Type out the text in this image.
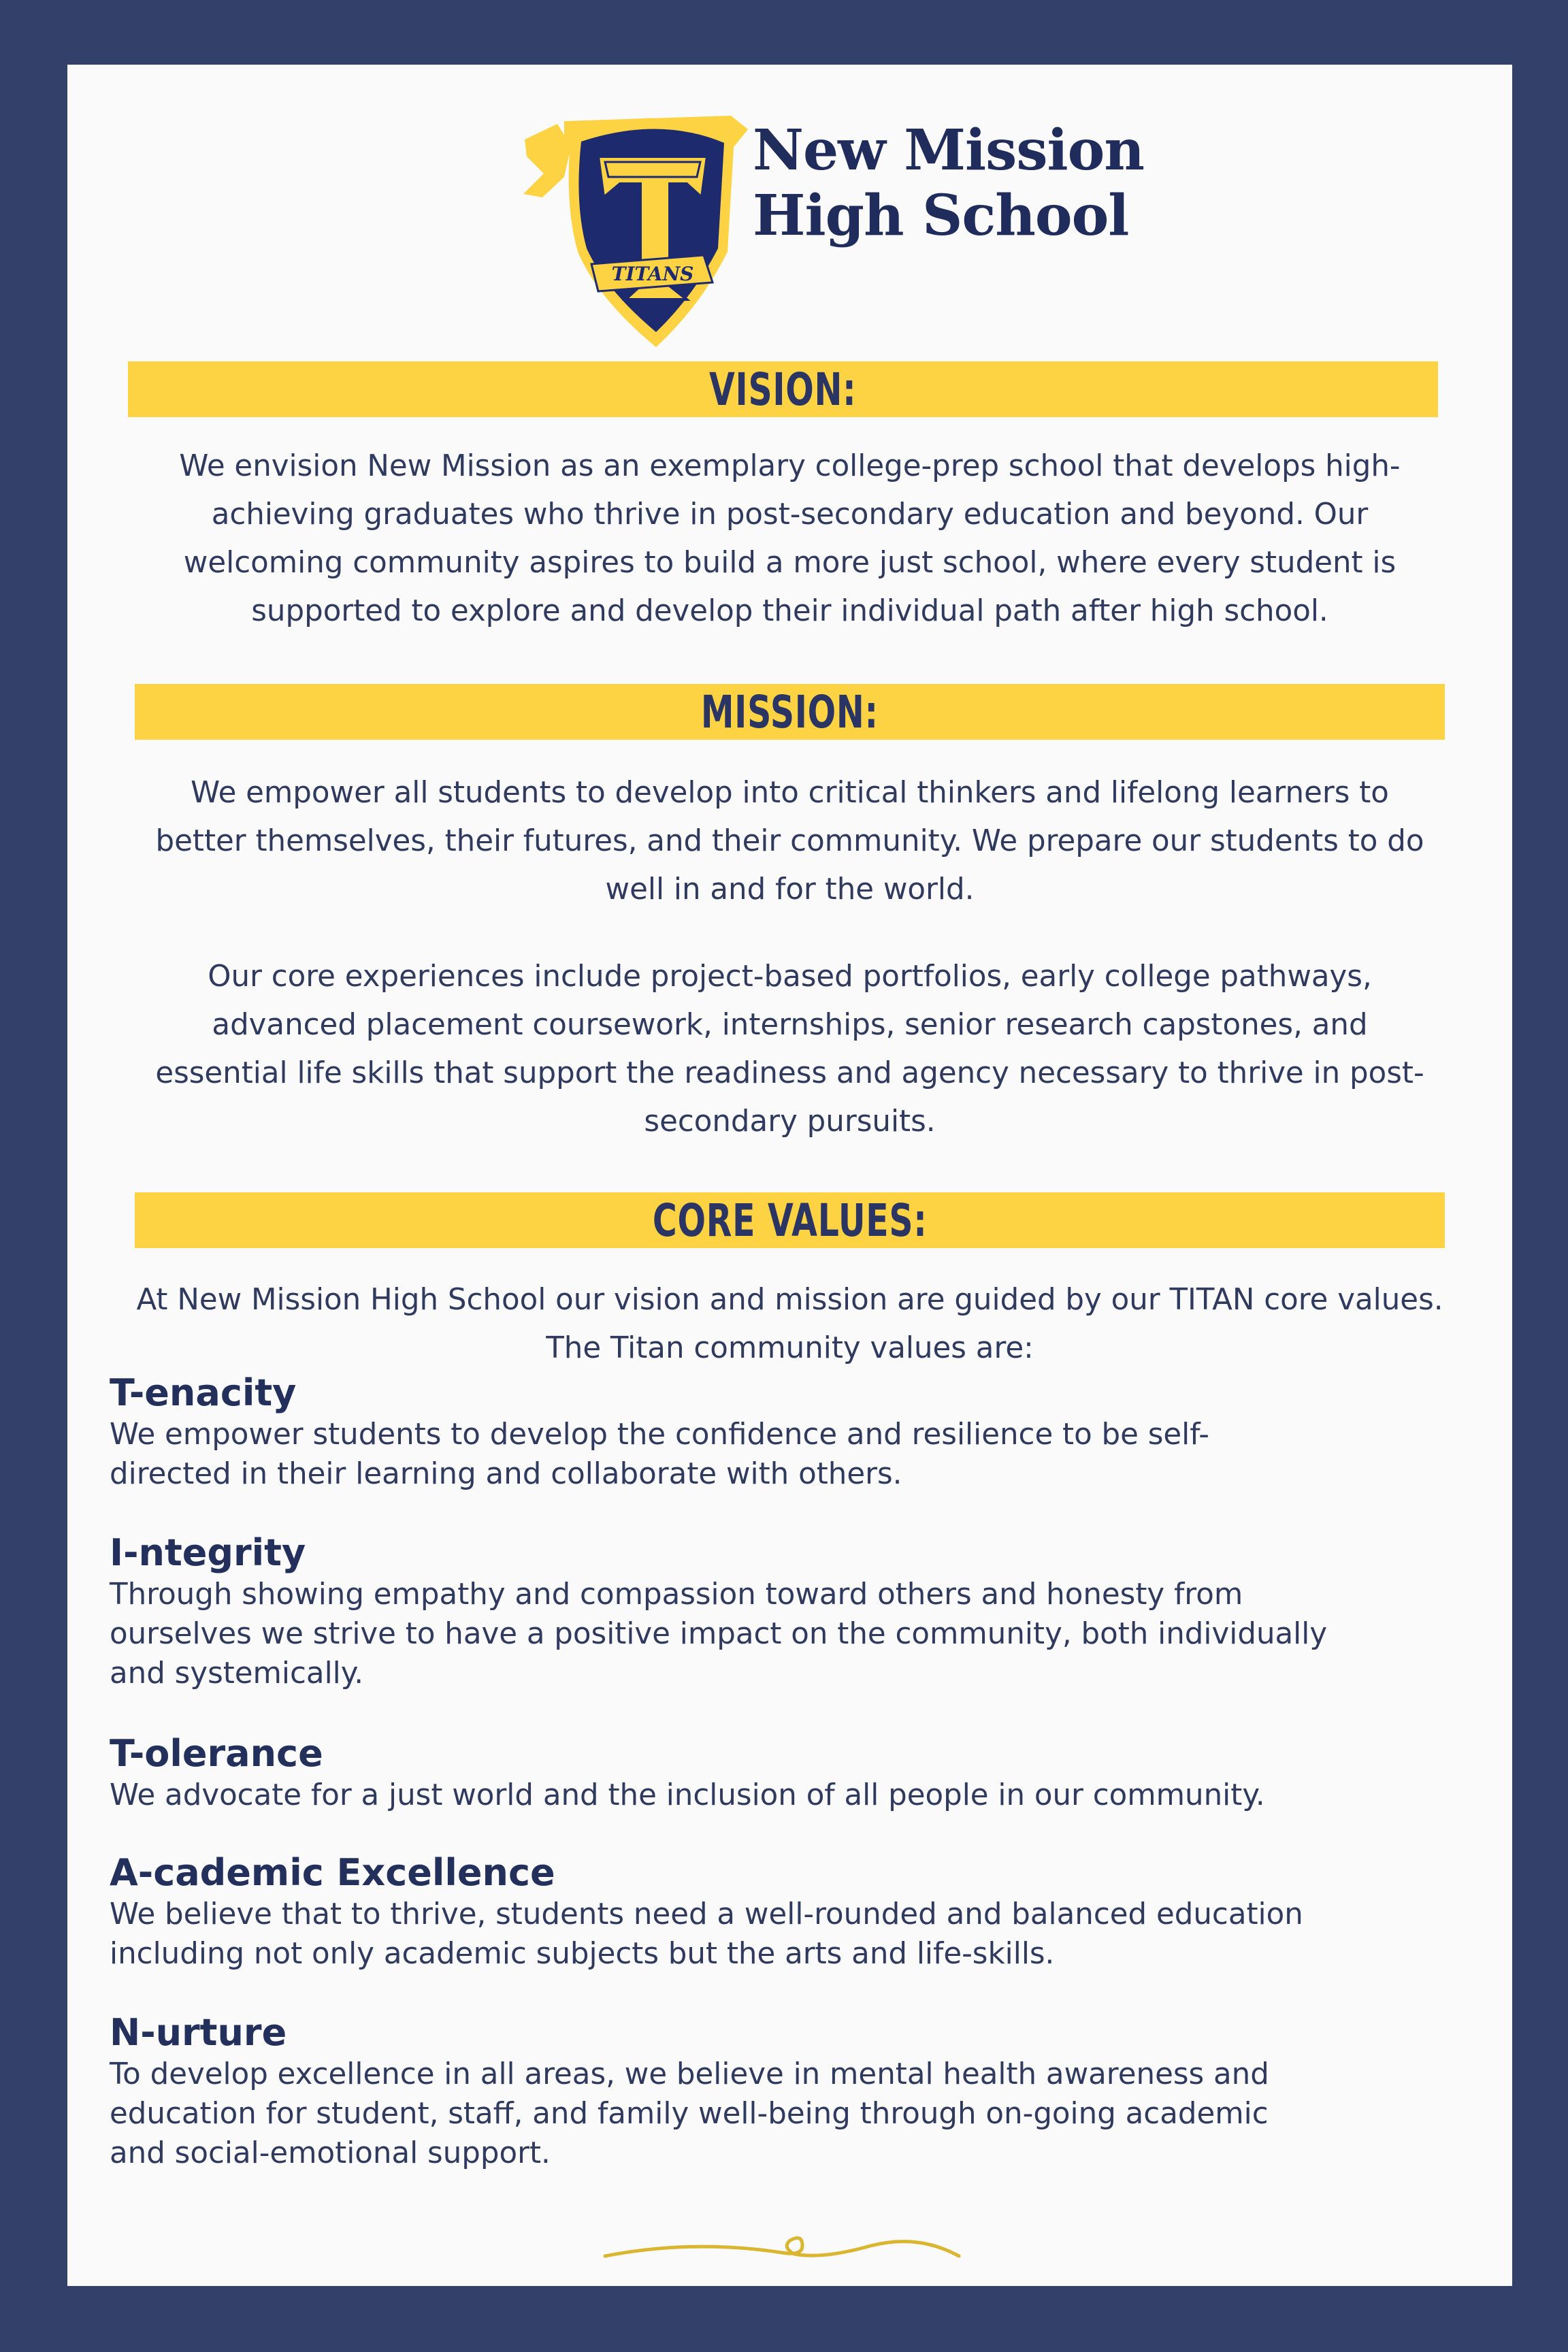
TITANS
New Mission
High School
VISION:
We envision New Mission as an exemplary college-prep school that develops high-
achieving graduates who thrive in post-secondary education and beyond. Our
welcoming community aspires to build a more just school, where every student is
supported to explore and develop their individual path after high school.
MISSION:
We empower all students to develop into critical thinkers and lifelong learners to
better themselves, their futures, and their community. We prepare our students to do
well in and for the world.
Our core experiences include project-based portfolios, early college pathways,
advanced placement coursework, internships, senior research capstones, and
essential life skills that support the readiness and agency necessary to thrive in post-
secondary pursuits.
CORE VALUES:
At New Mission High School our vision and mission are guided by our TITAN core values.
The Titan community values are:
T-enacity

We empower students to develop the confidence and resilience to be self-

directed in their learning and collaborate with others.

I-ntegrity

Through showing empathy and compassion toward others and honesty from

ourselves we strive to have a positive impact on the community, both individually

and systemically.

T-olerance

We advocate for a just world and the inclusion of all people in our community.

A-cademic Excellence

We believe that to thrive, students need a well-rounded and balanced education

including not only academic subjects but the arts and life-skills.

N-urture

To develop excellence in all areas, we believe in mental health awareness and

education for student, staff, and family well-being through on-going academic

and social-emotional support.
